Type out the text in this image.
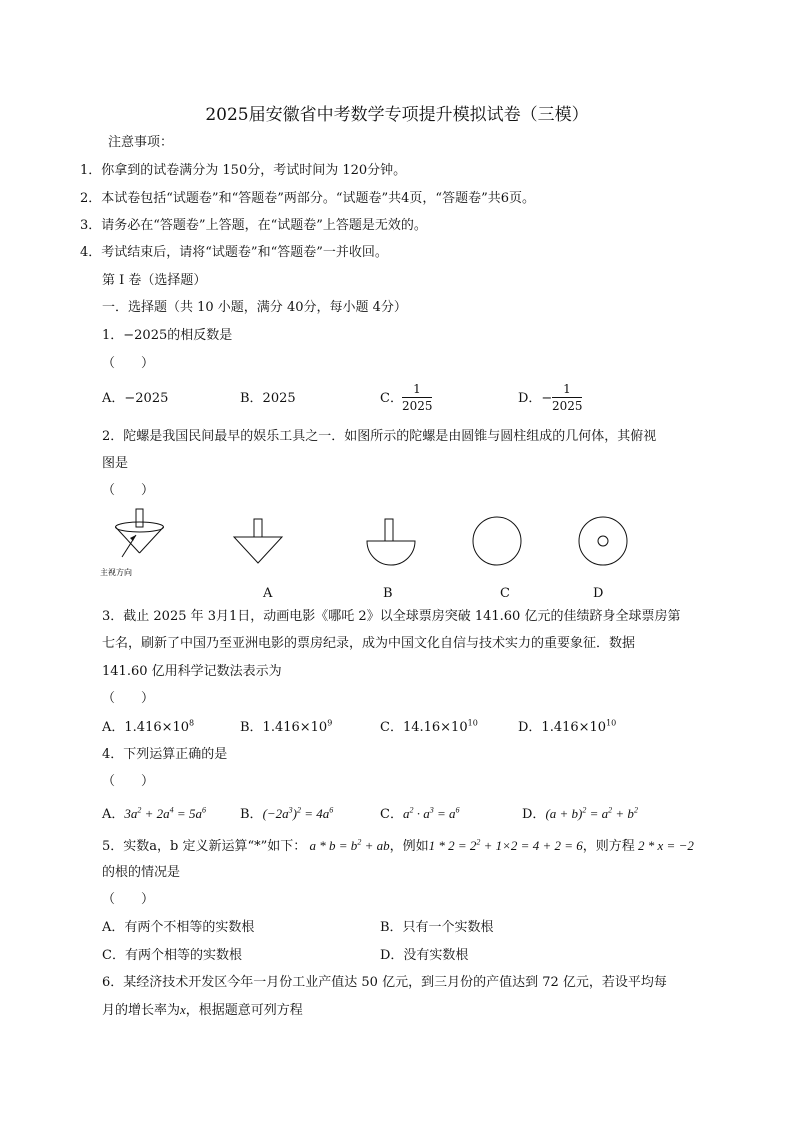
2025届安徽省中考数学专项提升模拟试卷（三模）
注意事项：
1．你拿到的试卷满分为 150分，考试时间为 120分钟。
2．本试卷包括“试题卷”和“答题卷”两部分。“试题卷”共4页，“答题卷”共6页。
3．请务必在“答题卷”上答题，在“试题卷”上答题是无效的。
4．考试结束后，请将“试题卷”和“答题卷”一并收回。
第 I 卷（选择题）
一．选择题（共 10 小题，满分 40分，每小题 4分）
1．−2025的相反数是
（　　）
A．−2025	B．2025	C．
1
2025	D．−
1
2025
2．陀螺是我国民间最早的娱乐工具之一．如图所示的陀螺是由圆锥与圆柱组成的几何体，其俯视
图是
（　　）
主视方向
A	B	C	D
3．截止 2025 年 3月1日，动画电影《哪吒 2》以全球票房突破 141.60 亿元的佳绩跻身全球票房第
七名，刷新了中国乃至亚洲电影的票房纪录，成为中国文化自信与技术实力的重要象征．数据
141.60 亿用科学记数法表示为
（　　）
A．$1.416\times 10^8$	B．$1.416\times 10^9$	C．$14.16\times 10^{10}$	D．$1.416\times 10^{10}$
4．下列运算正确的是
（　　）
A．$3a^2 + 2a^4 = 5a^6$	B．$(-2a^3)^2 = 4a^6$	C．$a^2 \cdot a^3 = a^6$	D．$(a + b)^2 = a^2 + b^2$
5．实数a，b 定义新运算“*”如下： $a * b = b^2$ + ab，例如$1 * 2 = 2^2 + 1\times 2 = 4 + 2 = 6$，则方程 2 * x = −2
的根的情况是
（　　）
A．有两个不相等的实数根	B．只有一个实数根
C．有两个相等的实数根	D．没有实数根
6．某经济技术开发区今年一月份工业产值达 50 亿元，到三月份的产值达到 72 亿元，若设平均每
月的增长率为x，根据题意可列方程
